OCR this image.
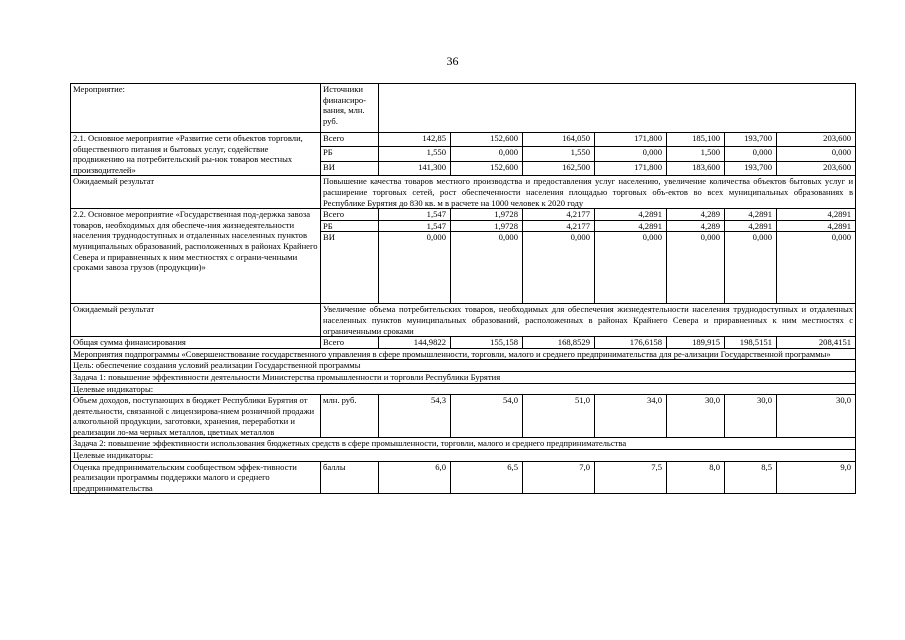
36
Мероприятие:	Источники финансиро-вания, млн. руб.							
2.1. Основное мероприятие «Развитие сети объектов торговли, общественного питания и бытовых услуг, содействие продвижению на потребительский ры-нок товаров местных производителей»	Всего	142,85	152,600	164,050	171,800	185,100	193,700	203,600
	РБ	1,550	0,000	1,550	0,000	1,500	0,000	0,000
	ВИ	141,300	152,600	162,500	171,800	183,600	193,700	203,600
Ожидаемый результат	Повышение качества товаров местного производства и предоставления услуг населению, увеличение количества объектов бытовых услуг и расширение торговых сетей, рост обеспеченности населения площадью торговых объ-ектов во всех муниципальных образованиях в Республике Бурятия до 830 кв. м в расчете на 1000 человек к 2020 году							
2.2. Основное мероприятие «Государственная под-держка завоза товаров, необходимых для обеспече-ния жизнедеятельности населения труднодоступных и отдаленных населенных пунктов муниципальных образований, расположенных в районах Крайнего Севера и приравненных к ним местностях с ограни-ченными сроками завоза грузов (продукции)»	Всего	1,547	1,9728	4,2177	4,2891	4,289	4,2891	4,2891
	РБ	1,547	1,9728	4,2177	4,2891	4,289	4,2891	4,2891
	ВИ	0,000	0,000	0,000	0,000	0,000	0,000	0,000
Ожидаемый результат	Увеличение объема потребительских товаров, необходимых для обеспечения жизнедеятельности населения труднодоступных и отдаленных населенных пунктов муниципальных образований, расположенных в районах Крайнего Севера и приравненных к ним местностях с ограниченными сроками							
Общая сумма финансирования	Всего	144,9822	155,158	168,8529	176,6158	189,915	198,5151	208,4151
Мероприятия подпрограммы «Совершенствование государственного управления в сфере промышленности, торговли, малого и среднего предпринимательства для ре-ализации Государственной программы»								
Цель: обеспечение создания условий реализации Государственной программы								
Задача 1: повышение эффективности деятельности Министерства промышленности и торговли Республики Бурятия								
Целевые индикаторы:								
Объем доходов, поступающих в бюджет Республики Бурятия от деятельности, связанной с лицензирова-нием розничной продажи алкогольной продукции, заготовки, хранения, переработки и реализации ло-ма черных металлов, цветных металлов	млн. руб.	54,3	54,0	51,0	34,0	30,0	30,0	30,0
Задача 2: повышение эффективности использования бюджетных средств в сфере промышленности, торговли, малого и среднего предпринимательства								
Целевые индикаторы:								
Оценка предпринимательским сообществом эффек-тивности реализации программы поддержки малого и среднего предпринимательства	баллы	6,0	6,5	7,0	7,5	8,0	8,5	9,0
